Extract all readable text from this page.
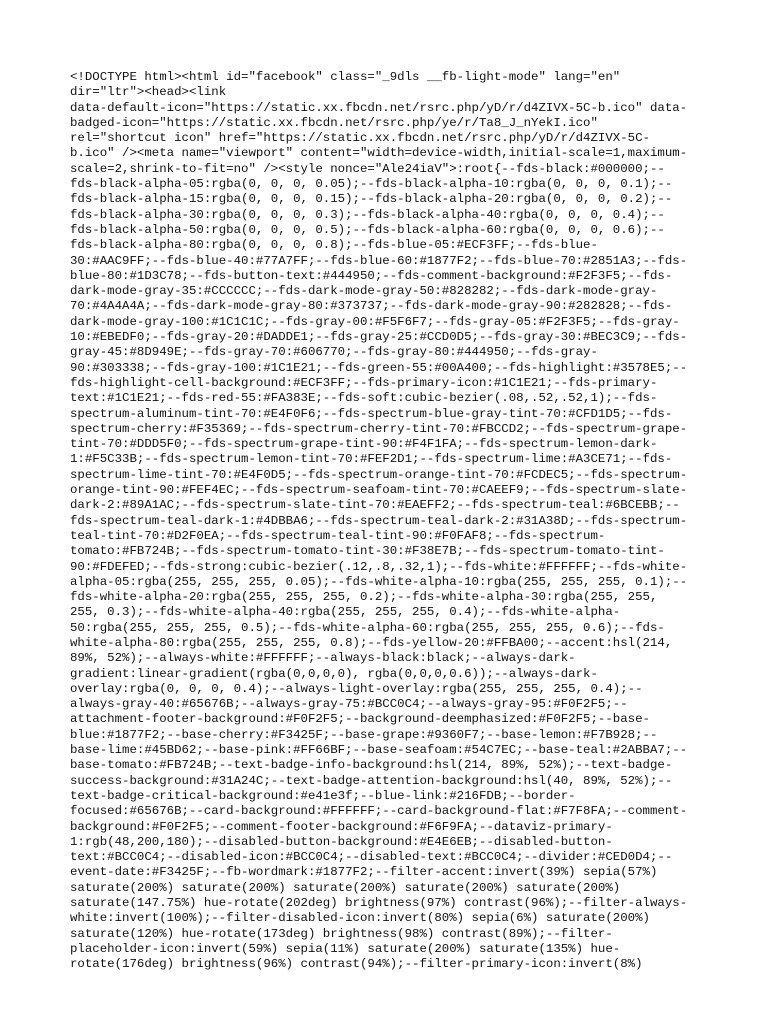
<!DOCTYPE html><html id="facebook" class="_9dls __fb-light-mode" lang="en"
dir="ltr"><head><link
data-default-icon="https://static.xx.fbcdn.net/rsrc.php/yD/r/d4ZIVX-5C-b.ico" data-
badged-icon="https://static.xx.fbcdn.net/rsrc.php/ye/r/Ta8_J_nYekI.ico"
rel="shortcut icon" href="https://static.xx.fbcdn.net/rsrc.php/yD/r/d4ZIVX-5C-
b.ico" /><meta name="viewport" content="width=device-width,initial-scale=1,maximum-
scale=2,shrink-to-fit=no" /><style nonce="Ale24iaV">:root{--fds-black:#000000;--
fds-black-alpha-05:rgba(0, 0, 0, 0.05);--fds-black-alpha-10:rgba(0, 0, 0, 0.1);--
fds-black-alpha-15:rgba(0, 0, 0, 0.15);--fds-black-alpha-20:rgba(0, 0, 0, 0.2);--
fds-black-alpha-30:rgba(0, 0, 0, 0.3);--fds-black-alpha-40:rgba(0, 0, 0, 0.4);--
fds-black-alpha-50:rgba(0, 0, 0, 0.5);--fds-black-alpha-60:rgba(0, 0, 0, 0.6);--
fds-black-alpha-80:rgba(0, 0, 0, 0.8);--fds-blue-05:#ECF3FF;--fds-blue-
30:#AAC9FF;--fds-blue-40:#77A7FF;--fds-blue-60:#1877F2;--fds-blue-70:#2851A3;--fds-
blue-80:#1D3C78;--fds-button-text:#444950;--fds-comment-background:#F2F3F5;--fds-
dark-mode-gray-35:#CCCCCC;--fds-dark-mode-gray-50:#828282;--fds-dark-mode-gray-
70:#4A4A4A;--fds-dark-mode-gray-80:#373737;--fds-dark-mode-gray-90:#282828;--fds-
dark-mode-gray-100:#1C1C1C;--fds-gray-00:#F5F6F7;--fds-gray-05:#F2F3F5;--fds-gray-
10:#EBEDF0;--fds-gray-20:#DADDE1;--fds-gray-25:#CCD0D5;--fds-gray-30:#BEC3C9;--fds-
gray-45:#8D949E;--fds-gray-70:#606770;--fds-gray-80:#444950;--fds-gray-
90:#303338;--fds-gray-100:#1C1E21;--fds-green-55:#00A400;--fds-highlight:#3578E5;--
fds-highlight-cell-background:#ECF3FF;--fds-primary-icon:#1C1E21;--fds-primary-
text:#1C1E21;--fds-red-55:#FA383E;--fds-soft:cubic-bezier(.08,.52,.52,1);--fds-
spectrum-aluminum-tint-70:#E4F0F6;--fds-spectrum-blue-gray-tint-70:#CFD1D5;--fds-
spectrum-cherry:#F35369;--fds-spectrum-cherry-tint-70:#FBCCD2;--fds-spectrum-grape-
tint-70:#DDD5F0;--fds-spectrum-grape-tint-90:#F4F1FA;--fds-spectrum-lemon-dark-
1:#F5C33B;--fds-spectrum-lemon-tint-70:#FEF2D1;--fds-spectrum-lime:#A3CE71;--fds-
spectrum-lime-tint-70:#E4F0D5;--fds-spectrum-orange-tint-70:#FCDEC5;--fds-spectrum-
orange-tint-90:#FEF4EC;--fds-spectrum-seafoam-tint-70:#CAEEF9;--fds-spectrum-slate-
dark-2:#89A1AC;--fds-spectrum-slate-tint-70:#EAEFF2;--fds-spectrum-teal:#6BCEBB;--
fds-spectrum-teal-dark-1:#4DBBA6;--fds-spectrum-teal-dark-2:#31A38D;--fds-spectrum-
teal-tint-70:#D2F0EA;--fds-spectrum-teal-tint-90:#F0FAF8;--fds-spectrum-
tomato:#FB724B;--fds-spectrum-tomato-tint-30:#F38E7B;--fds-spectrum-tomato-tint-
90:#FDEFED;--fds-strong:cubic-bezier(.12,.8,.32,1);--fds-white:#FFFFFF;--fds-white-
alpha-05:rgba(255, 255, 255, 0.05);--fds-white-alpha-10:rgba(255, 255, 255, 0.1);--
fds-white-alpha-20:rgba(255, 255, 255, 0.2);--fds-white-alpha-30:rgba(255, 255,
255, 0.3);--fds-white-alpha-40:rgba(255, 255, 255, 0.4);--fds-white-alpha-
50:rgba(255, 255, 255, 0.5);--fds-white-alpha-60:rgba(255, 255, 255, 0.6);--fds-
white-alpha-80:rgba(255, 255, 255, 0.8);--fds-yellow-20:#FFBA00;--accent:hsl(214,
89%, 52%);--always-white:#FFFFFF;--always-black:black;--always-dark-
gradient:linear-gradient(rgba(0,0,0,0), rgba(0,0,0,0.6));--always-dark-
overlay:rgba(0, 0, 0, 0.4);--always-light-overlay:rgba(255, 255, 255, 0.4);--
always-gray-40:#65676B;--always-gray-75:#BCC0C4;--always-gray-95:#F0F2F5;--
attachment-footer-background:#F0F2F5;--background-deemphasized:#F0F2F5;--base-
blue:#1877F2;--base-cherry:#F3425F;--base-grape:#9360F7;--base-lemon:#F7B928;--
base-lime:#45BD62;--base-pink:#FF66BF;--base-seafoam:#54C7EC;--base-teal:#2ABBA7;--
base-tomato:#FB724B;--text-badge-info-background:hsl(214, 89%, 52%);--text-badge-
success-background:#31A24C;--text-badge-attention-background:hsl(40, 89%, 52%);--
text-badge-critical-background:#e41e3f;--blue-link:#216FDB;--border-
focused:#65676B;--card-background:#FFFFFF;--card-background-flat:#F7F8FA;--comment-
background:#F0F2F5;--comment-footer-background:#F6F9FA;--dataviz-primary-
1:rgb(48,200,180);--disabled-button-background:#E4E6EB;--disabled-button-
text:#BCC0C4;--disabled-icon:#BCC0C4;--disabled-text:#BCC0C4;--divider:#CED0D4;--
event-date:#F3425F;--fb-wordmark:#1877F2;--filter-accent:invert(39%) sepia(57%)
saturate(200%) saturate(200%) saturate(200%) saturate(200%) saturate(200%)
saturate(147.75%) hue-rotate(202deg) brightness(97%) contrast(96%);--filter-always-
white:invert(100%);--filter-disabled-icon:invert(80%) sepia(6%) saturate(200%)
saturate(120%) hue-rotate(173deg) brightness(98%) contrast(89%);--filter-
placeholder-icon:invert(59%) sepia(11%) saturate(200%) saturate(135%) hue-
rotate(176deg) brightness(96%) contrast(94%);--filter-primary-icon:invert(8%)
